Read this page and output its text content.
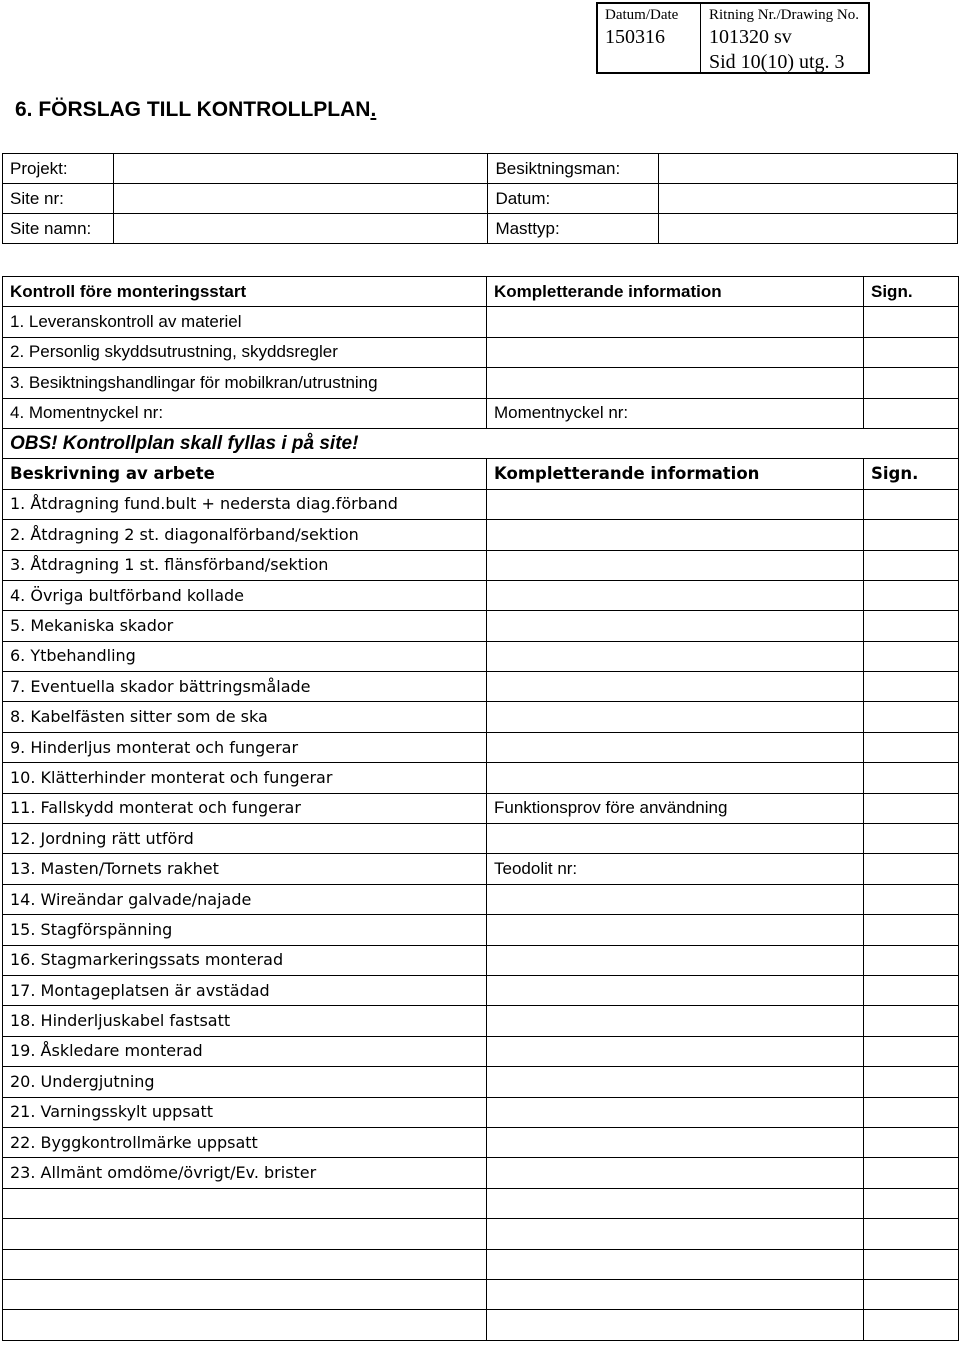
Datum/Date
150316
Ritning Nr./Drawing No.
101320 sv
Sid 10(10) utg. 3
6. FÖRSLAG TILL KONTROLLPLAN.
Projekt:		Besiktningsman:	
Site nr:		Datum:	
Site namn:		Masttyp:	
Kontroll före monteringsstart	Kompletterande information	Sign.
1. Leveranskontroll av materiel		
2. Personlig skyddsutrustning, skyddsregler		
3. Besiktningshandlingar för mobilkran/utrustning		
4. Momentnyckel nr:	Momentnyckel nr:	
OBS! Kontrollplan skall fyllas i på site!		
Beskrivning av arbete	Kompletterande information	Sign.
1. Åtdragning fund.bult + nedersta diag.förband		
2. Åtdragning 2 st. diagonalförband/sektion		
3. Åtdragning 1 st. flänsförband/sektion		
4. Övriga bultförband kollade		
5. Mekaniska skador		
6. Ytbehandling		
7. Eventuella skador bättringsmålade		
8. Kabelfästen sitter som de ska		
9. Hinderljus monterat och fungerar		
10. Klätterhinder monterat och fungerar		
11. Fallskydd monterat och fungerar	Funktionsprov före användning	
12. Jordning rätt utförd		
13. Masten/Tornets rakhet	Teodolit nr:	
14. Wireändar galvade/najade		
15. Stagförspänning		
16. Stagmarkeringssats monterad		
17. Montageplatsen är avstädad		
18. Hinderljuskabel fastsatt		
19. Åskledare monterad		
20. Undergjutning		
21. Varningsskylt uppsatt		
22. Byggkontrollmärke uppsatt		
23. Allmänt omdöme/övrigt/Ev. brister		
